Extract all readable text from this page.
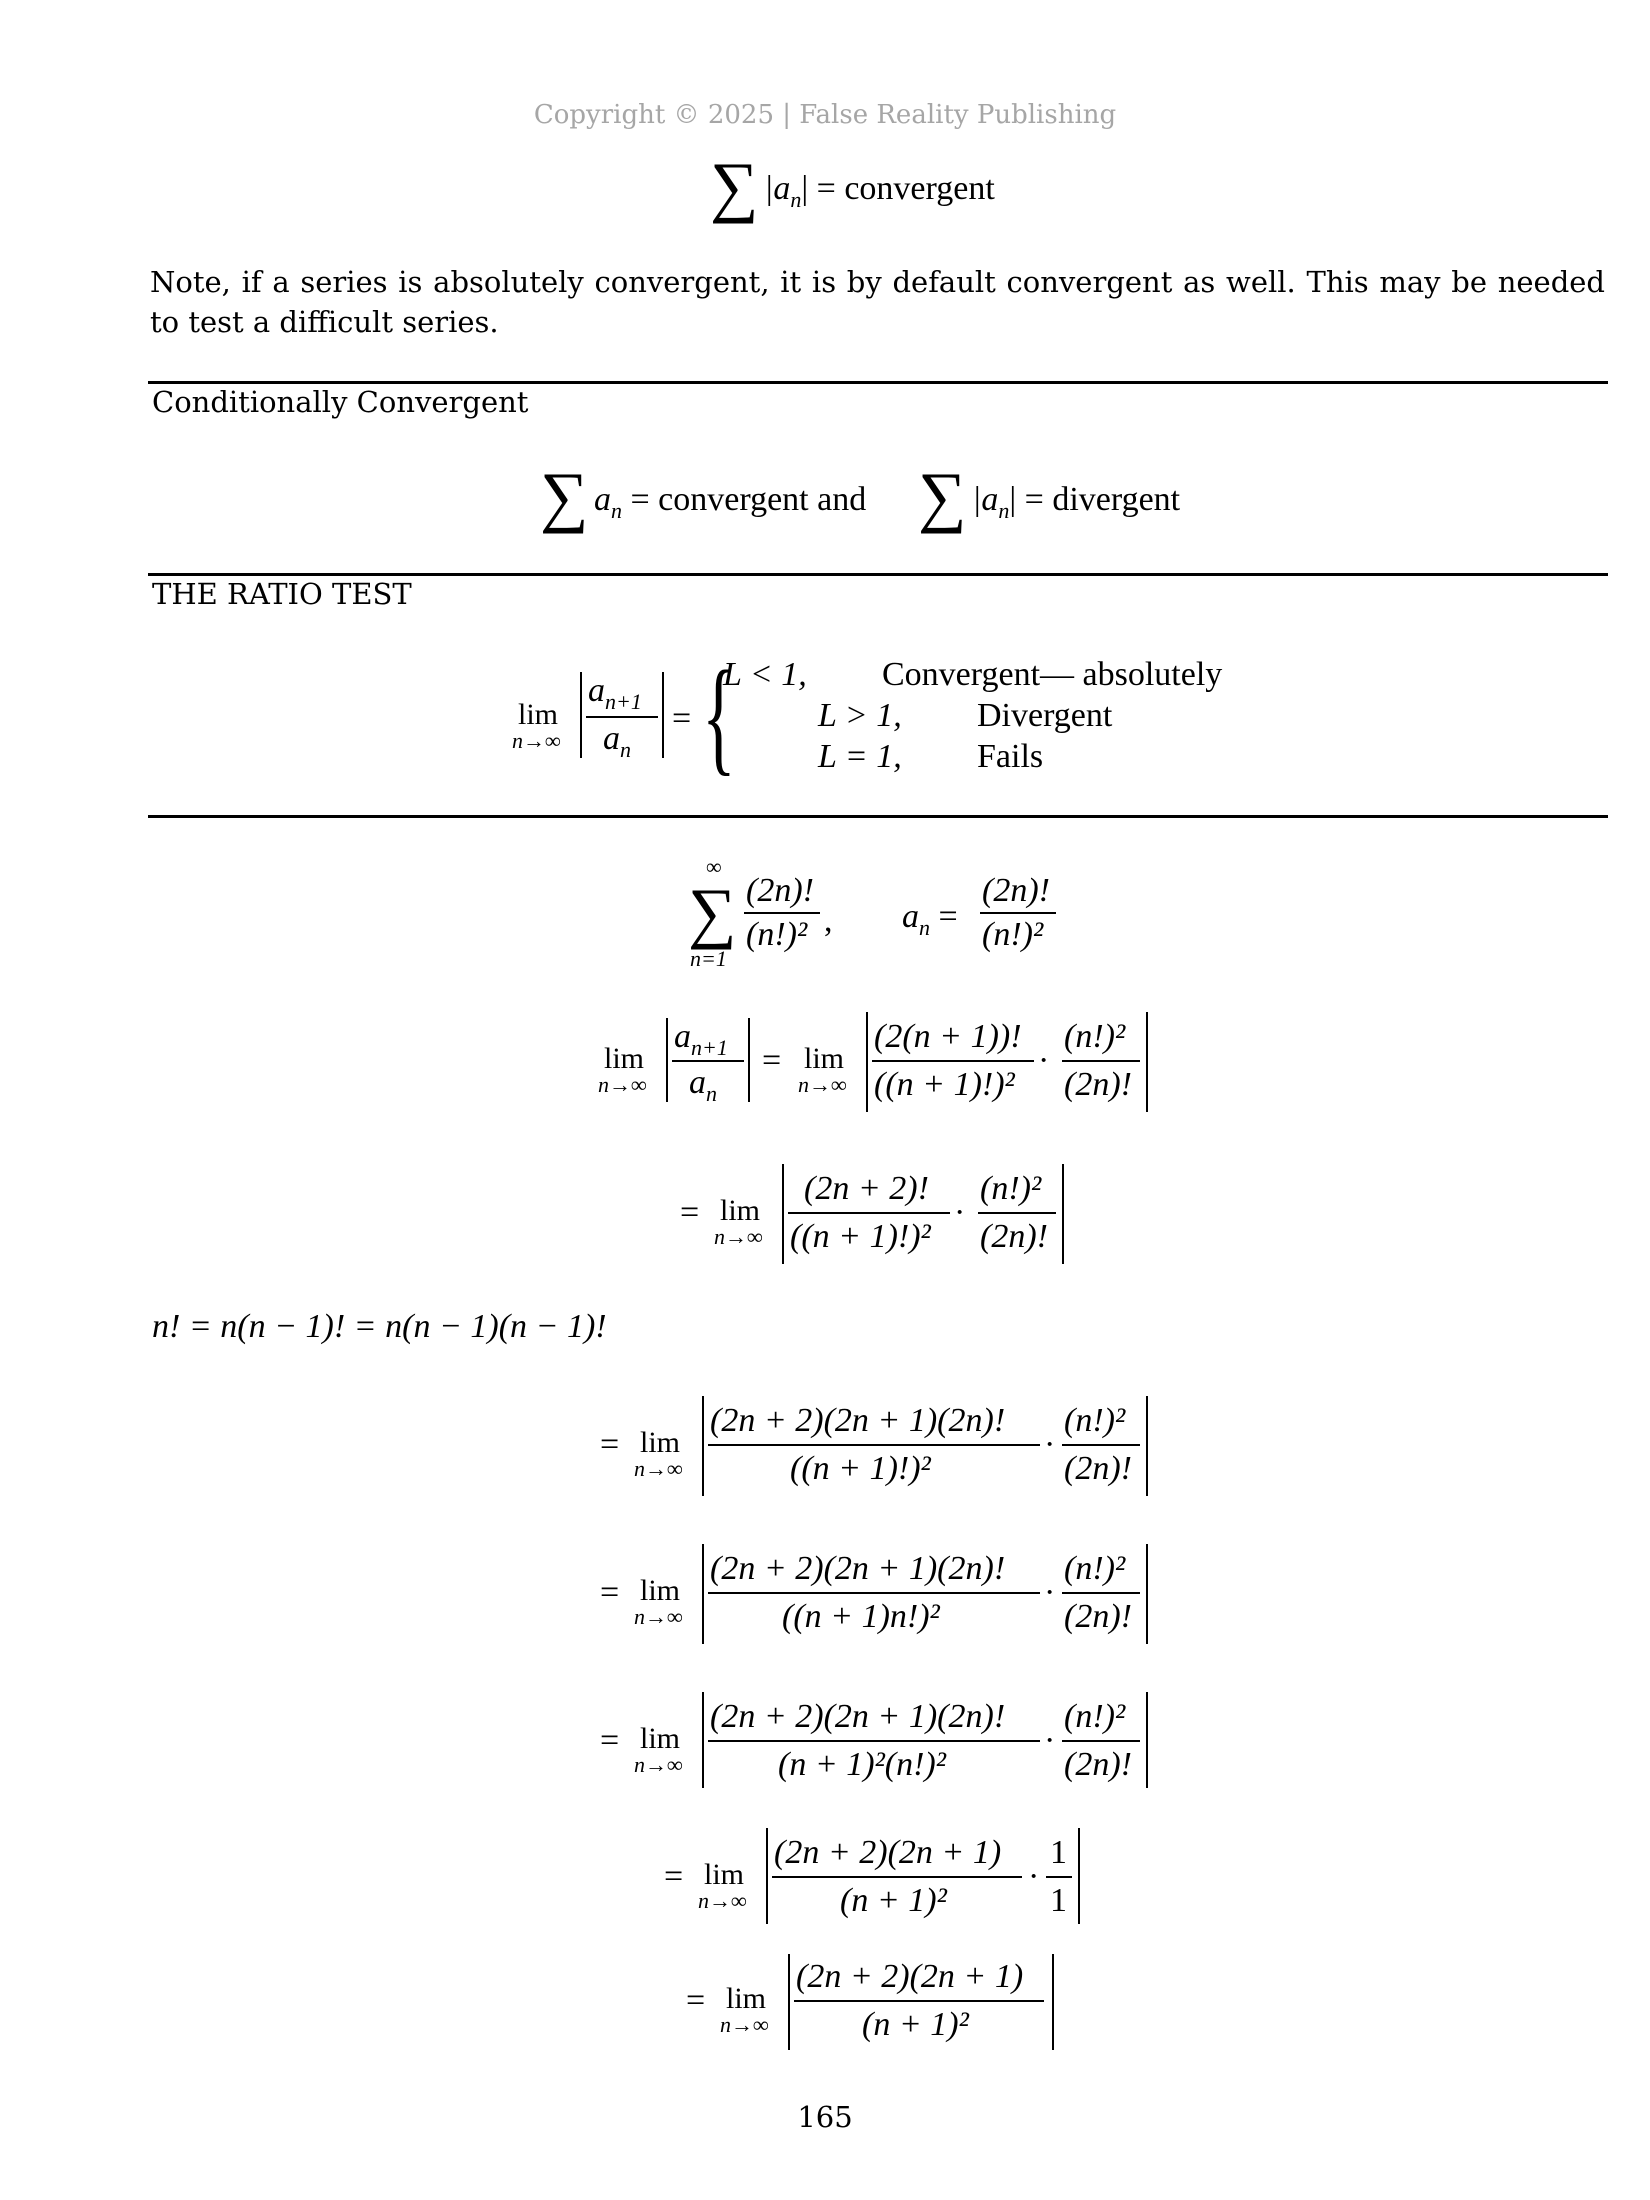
Copyright © 2025 | False Reality Publishing
∑ $|a_n|$ = convergent
Note, if a series is absolutely convergent, it is by default convergent as well. This may be needed to test a difficult series.
Conditionally Convergent
∑ $a_n$ = convergent and ∑ $|a_n|$ = divergent
THE RATIO TEST
lim
n→∞
$a_{n+1}$
$a_n$
= {
L < 1, Convergent— absolutely
L > 1, Divergent
L = 1, Fails
∞
∑
n=1
(2n)!
(n!)² , $a_n$ =
(2n)!
(n!)²
lim
n→∞
$a_{n+1}$
$a_n$
= lim
n→∞
(2(n + 1))!
((n + 1)!)²
·
(n!)²
(2n)!
= lim
n→∞
(2n + 2)!
((n + 1)!)²
·
(n!)²
(2n)!
n! = n(n − 1)! = n(n − 1)(n − 1)!
= lim
n→∞
(2n + 2)(2n + 1)(2n)!
((n + 1)!)²
·
(n!)²
(2n)!
= lim
n→∞
(2n + 2)(2n + 1)(2n)!
((n + 1)n!)²
·
(n!)²
(2n)!
= lim
n→∞
(2n + 2)(2n + 1)(2n)!
(n + 1)²(n!)²
·
(n!)²
(2n)!
= lim
n→∞
(2n + 2)(2n + 1)
(n + 1)²
·
1
1
= lim
n→∞
(2n + 2)(2n + 1)
(n + 1)²
165
